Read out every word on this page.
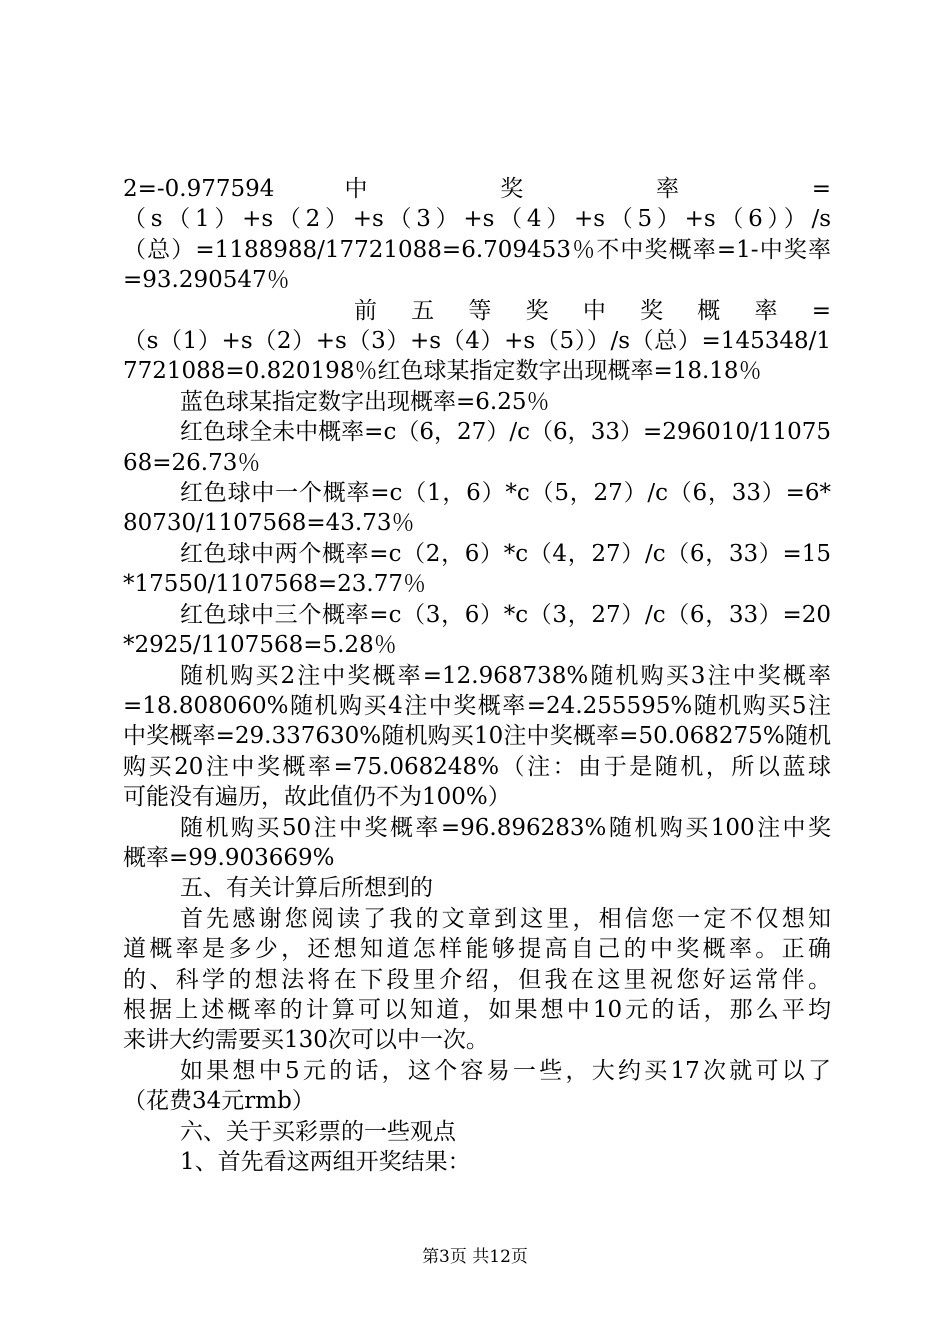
2=-0.977594 中 奖 率 =

（s（1）+s（2）+s（3）+s（4）+s（5）+s（6））/s

（总）=1188988/17721088=6.709453％不中奖概率=1-中奖率

=93.290547％

前 五 等 奖 中 奖 概 率 =

（s（1）+s（2）+s（3）+s（4）+s（5））/s（总）=145348/1

7721088=0.820198％红色球某指定数字出现概率=18.18％

蓝色球某指定数字出现概率=6.25％

红色球全未中概率=c（6，27）/c（6，33）=296010/11075

68=26.73％

红色球中一个概率=c（1，6）*c（5，27）/c（6，33）=6*

80730/1107568=43.73％

红色球中两个概率=c（2，6）*c（4，27）/c（6，33）=15

*17550/1107568=23.77％

红色球中三个概率=c（3，6）*c（3，27）/c（6，33）=20

*2925/1107568=5.28％

随机购买2注中奖概率=12.968738%随机购买3注中奖概率

=18.808060%随机购买4注中奖概率=24.255595%随机购买5注

中奖概率=29.337630%随机购买10注中奖概率=50.068275%随机

购买20注中奖概率=75.068248%（注：由于是随机，所以蓝球

可能没有遍历，故此值仍不为100%）

随机购买50注中奖概率=96.896283%随机购买100注中奖

概率=99.903669%

五、有关计算后所想到的

首先感谢您阅读了我的文章到这里，相信您一定不仅想知

道概率是多少，还想知道怎样能够提高自己的中奖概率。正确

的、科学的想法将在下段里介绍，但我在这里祝您好运常伴。

根据上述概率的计算可以知道，如果想中10元的话，那么平均

来讲大约需要买130次可以中一次。

如果想中5元的话，这个容易一些，大约买17次就可以了

（花费34元rmb）

六、关于买彩票的一些观点

1、首先看这两组开奖结果：

第3页 共12页
